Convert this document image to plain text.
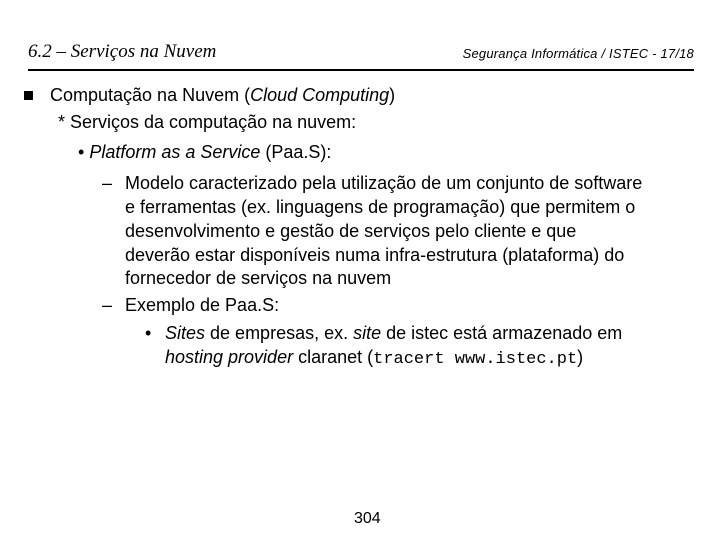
6.2 – Serviços na Nuvem	Segurança Informática / ISTEC - 17/18
Computação na Nuvem (Cloud Computing)
* Serviços da computação na nuvem:
• Platform as a Service (Paa.S):
– Modelo caracterizado pela utilização de um conjunto de software
e ferramentas (ex. linguagens de programação) que permitem o
desenvolvimento e gestão de serviços pelo cliente e que
deverão estar disponíveis numa infra-estrutura (plataforma) do
fornecedor de serviços na nuvem
– Exemplo de Paa.S:
• Sites de empresas, ex. site de istec está armazenado em
hosting provider claranet (tracert www.istec.pt)
304
